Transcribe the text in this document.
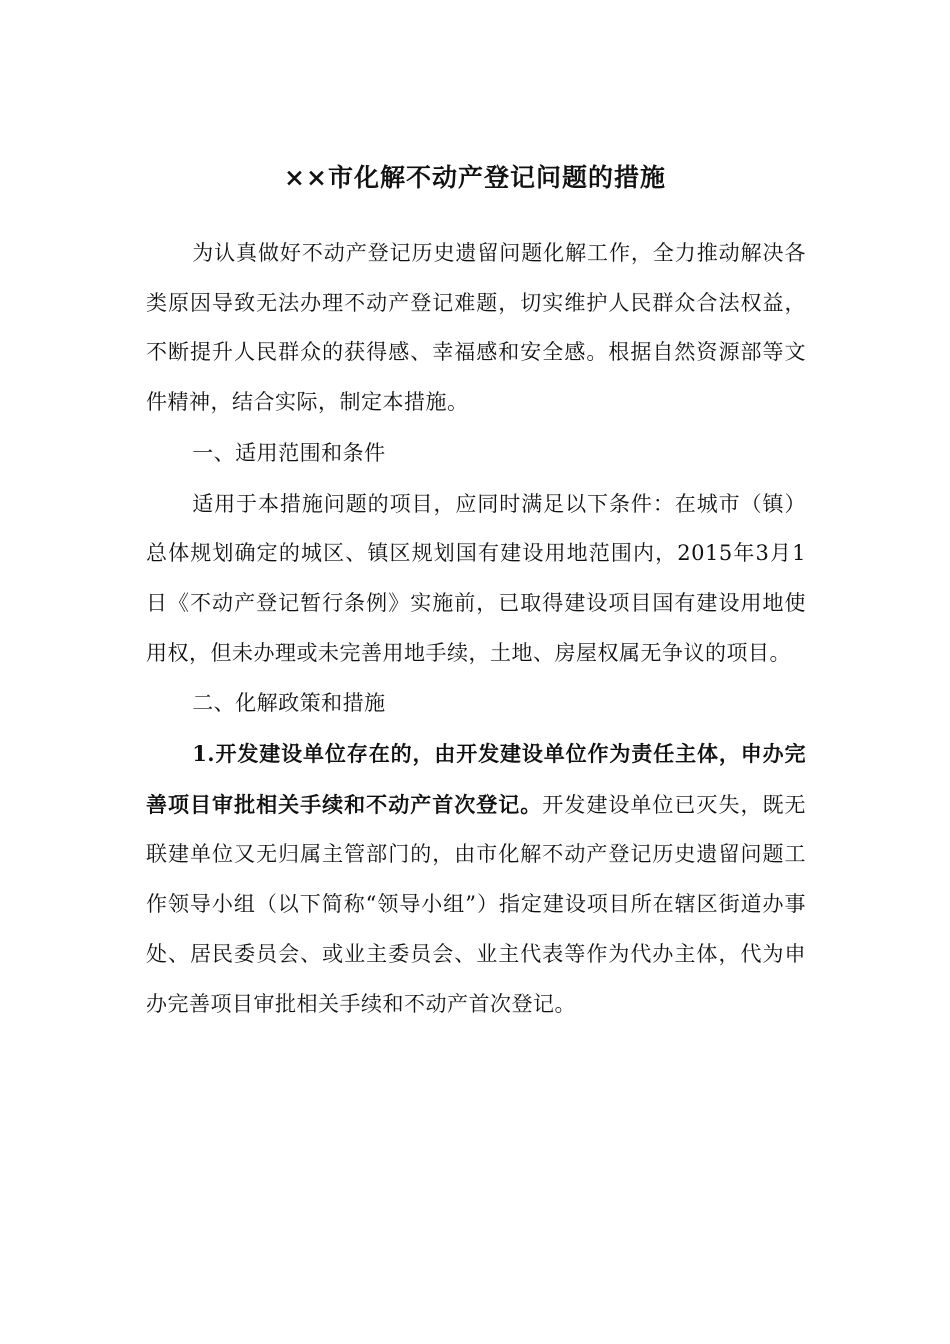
××市化解不动产登记问题的措施

为认真做好不动产登记历史遗留问题化解工作，全力推动解决各类原因导致无法办理不动产登记难题，切实维护人民群众合法权益，不断提升人民群众的获得感、幸福感和安全感。根据自然资源部等文件精神，结合实际，制定本措施。

一、适用范围和条件

适用于本措施问题的项目，应同时满足以下条件：在城市（镇）总体规划确定的城区、镇区规划国有建设用地范围内，2015年3月1日《不动产登记暂行条例》实施前，已取得建设项目国有建设用地使用权，但未办理或未完善用地手续，土地、房屋权属无争议的项目。

二、化解政策和措施

1.开发建设单位存在的，由开发建设单位作为责任主体，申办完善项目审批相关手续和不动产首次登记。开发建设单位已灭失，既无联建单位又无归属主管部门的，由市化解不动产登记历史遗留问题工作领导小组（以下简称“领导小组”）指定建设项目所在辖区街道办事处、居民委员会、或业主委员会、业主代表等作为代办主体，代为申办完善项目审批相关手续和不动产首次登记。
